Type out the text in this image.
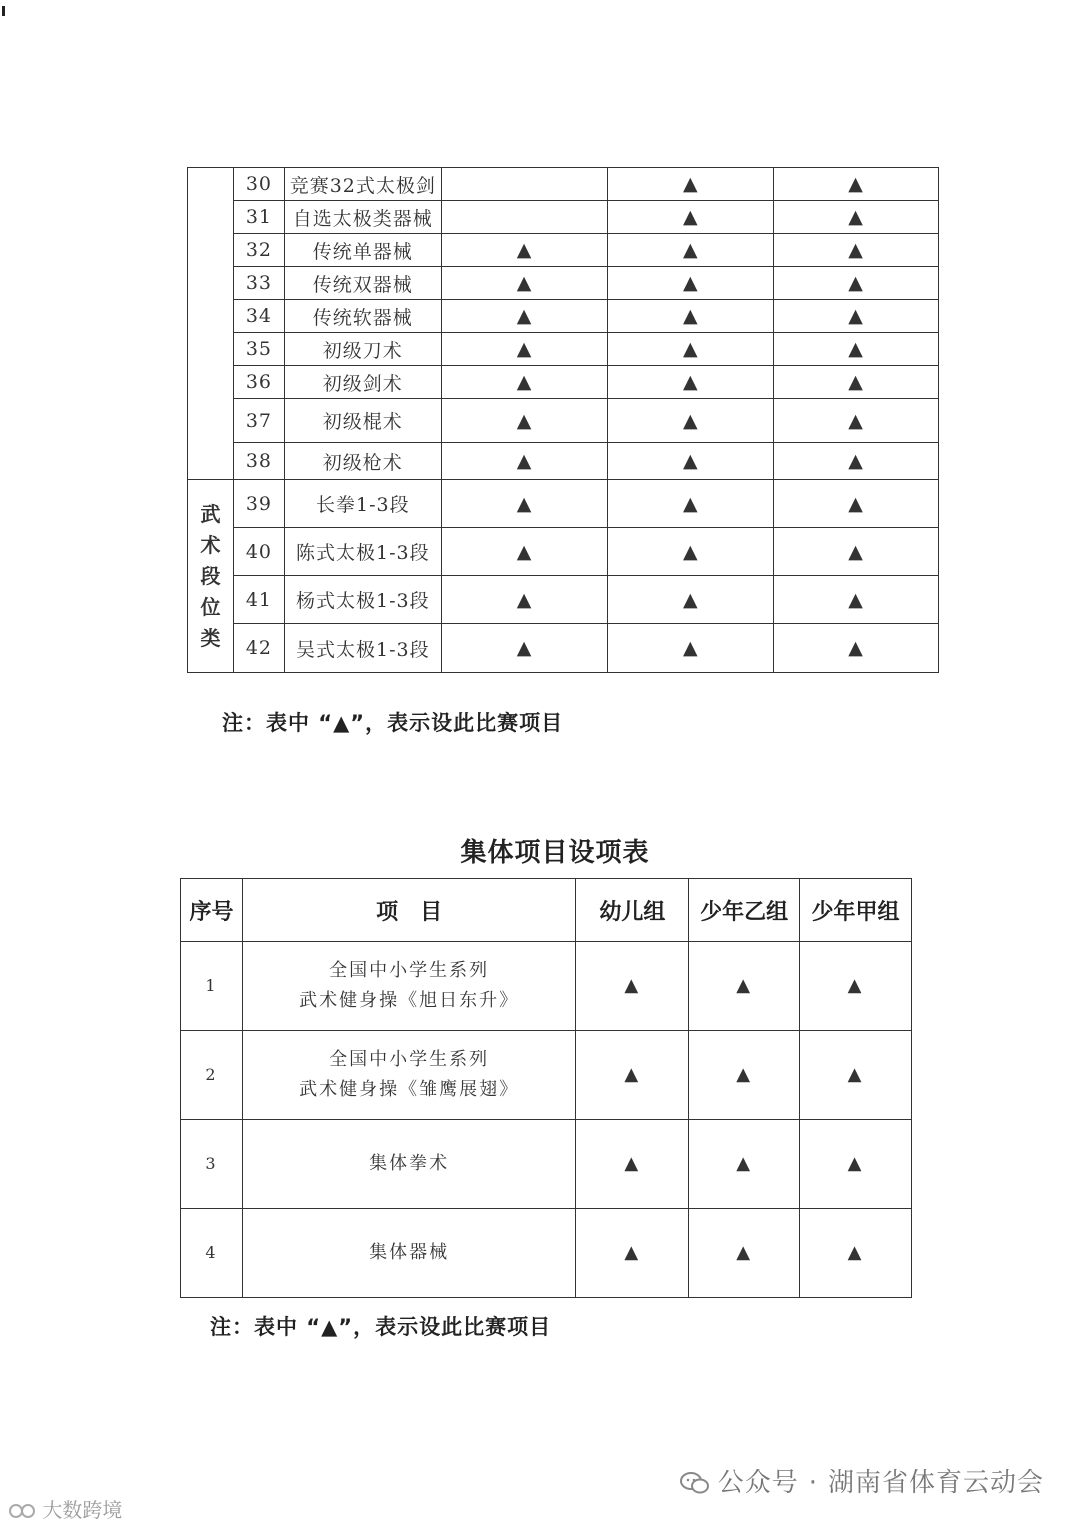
	30	竞赛32式太极剑		▲	▲
	31	自选太极类器械		▲	▲
	32	传统单器械	▲	▲	▲
	33	传统双器械	▲	▲	▲
	34	传统软器械	▲	▲	▲
	35	初级刀术	▲	▲	▲
	36	初级剑术	▲	▲	▲
	37	初级棍术	▲	▲	▲
	38	初级枪术	▲	▲	▲
武术段位类	39	长拳1-3段	▲	▲	▲
	40	陈式太极1-3段	▲	▲	▲
	41	杨式太极1-3段	▲	▲	▲
	42	吴式太极1-3段	▲	▲	▲
注：表中 “▲”，表示设此比赛项目
集体项目设项表
序号	项　目	幼儿组	少年乙组	少年甲组
1	全国中小学生系列
武术健身操《旭日东升》	▲	▲	▲
2	全国中小学生系列
武术健身操《雏鹰展翅》	▲	▲	▲
3	集体拳术	▲	▲	▲
4	集体器械	▲	▲	▲
注：表中 “▲”，表示设此比赛项目
公众号 · 湖南省体育云动会
大数跨境
